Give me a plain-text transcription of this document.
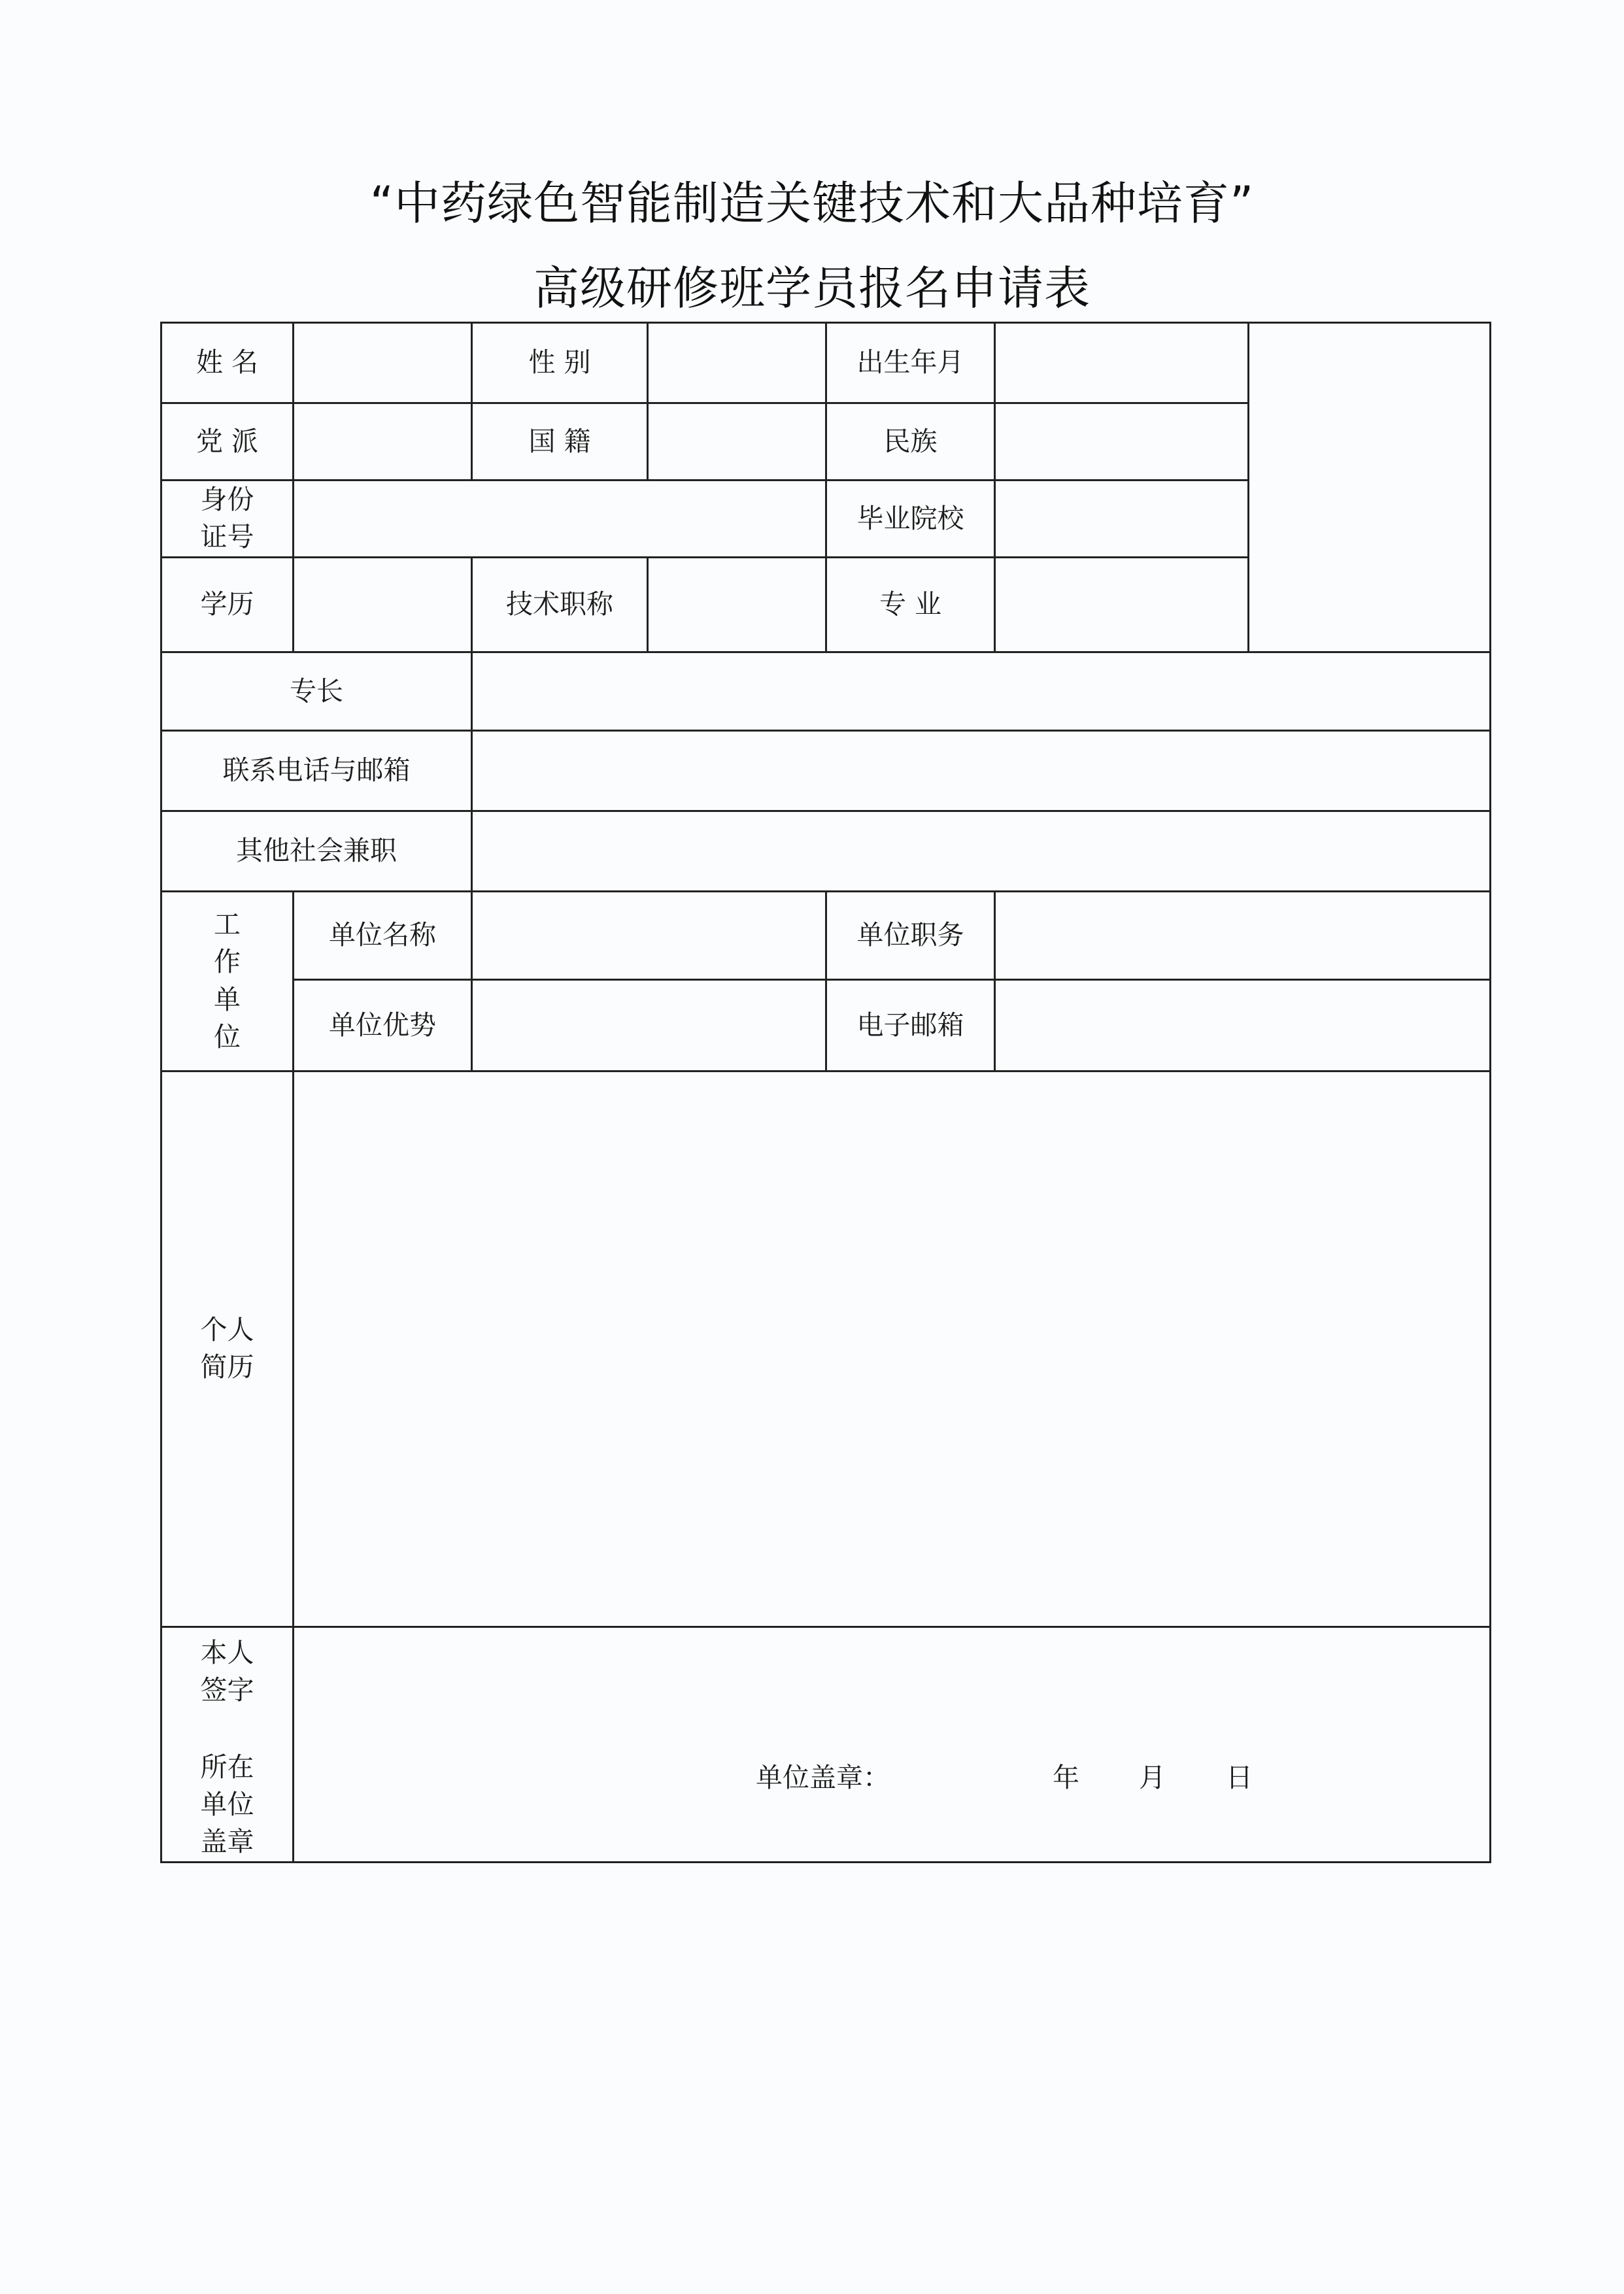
“中药绿色智能制造关键技术和大品种培育”
高级研修班学员报名申请表
姓 名		性 别		出生年月		
党 派		国 籍		民族		
身份证号				毕业院校		
学历		技术职称		专 业		
专长						
联系电话与邮箱						
其他社会兼职						
工作单位	单位名称			单位职务		
	单位优势			电子邮箱		
个人简历						
本人签字
所在单位盖章	单位盖章： 年 月 日					
